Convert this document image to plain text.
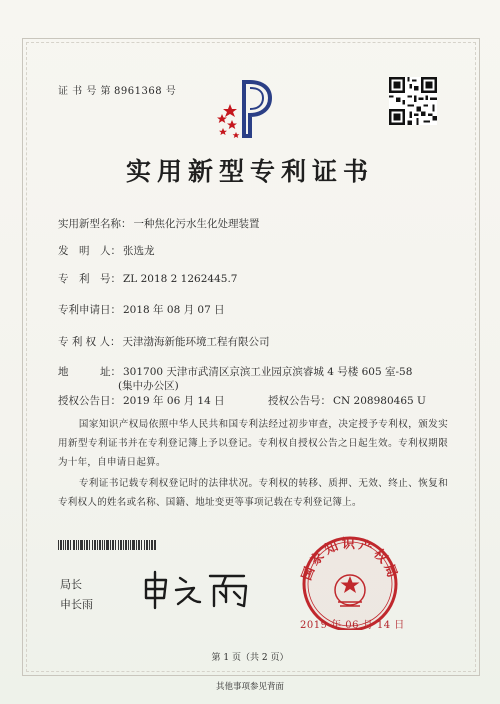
证 书 号 第 8961368 号
实用新型专利证书
实用新型名称： 一种焦化污水生化处理装置
发　明　人： 张选龙
专　利　号： ZL 2018 2 1262445.7
专利申请日： 2018 年 08 月 07 日
专 利 权 人： 天津渤海新能环境工程有限公司
地　　　址： 301700 天津市武清区京滨工业园京滨睿城 4 号楼 605 室-58
(集中办公区)
授权公告日： 2019 年 06 月 14 日	授权公告号： CN 208980465 U
国家知识产权局依照中华人民共和国专利法经过初步审查，决定授予专利权，颁发实用新型专利证书并在专利登记簿上予以登记。专利权自授权公告之日起生效。专利权期限为十年，自申请日起算。
专利证书记载专利权登记时的法律状况。专利权的转移、质押、无效、终止、恢复和专利权人的姓名或名称、国籍、地址变更等事项记载在专利登记簿上。
局长
申长雨
国家知识产权局
2019 年 06 月 14 日
第 1 页（共 2 页）
其他事项参见背面
